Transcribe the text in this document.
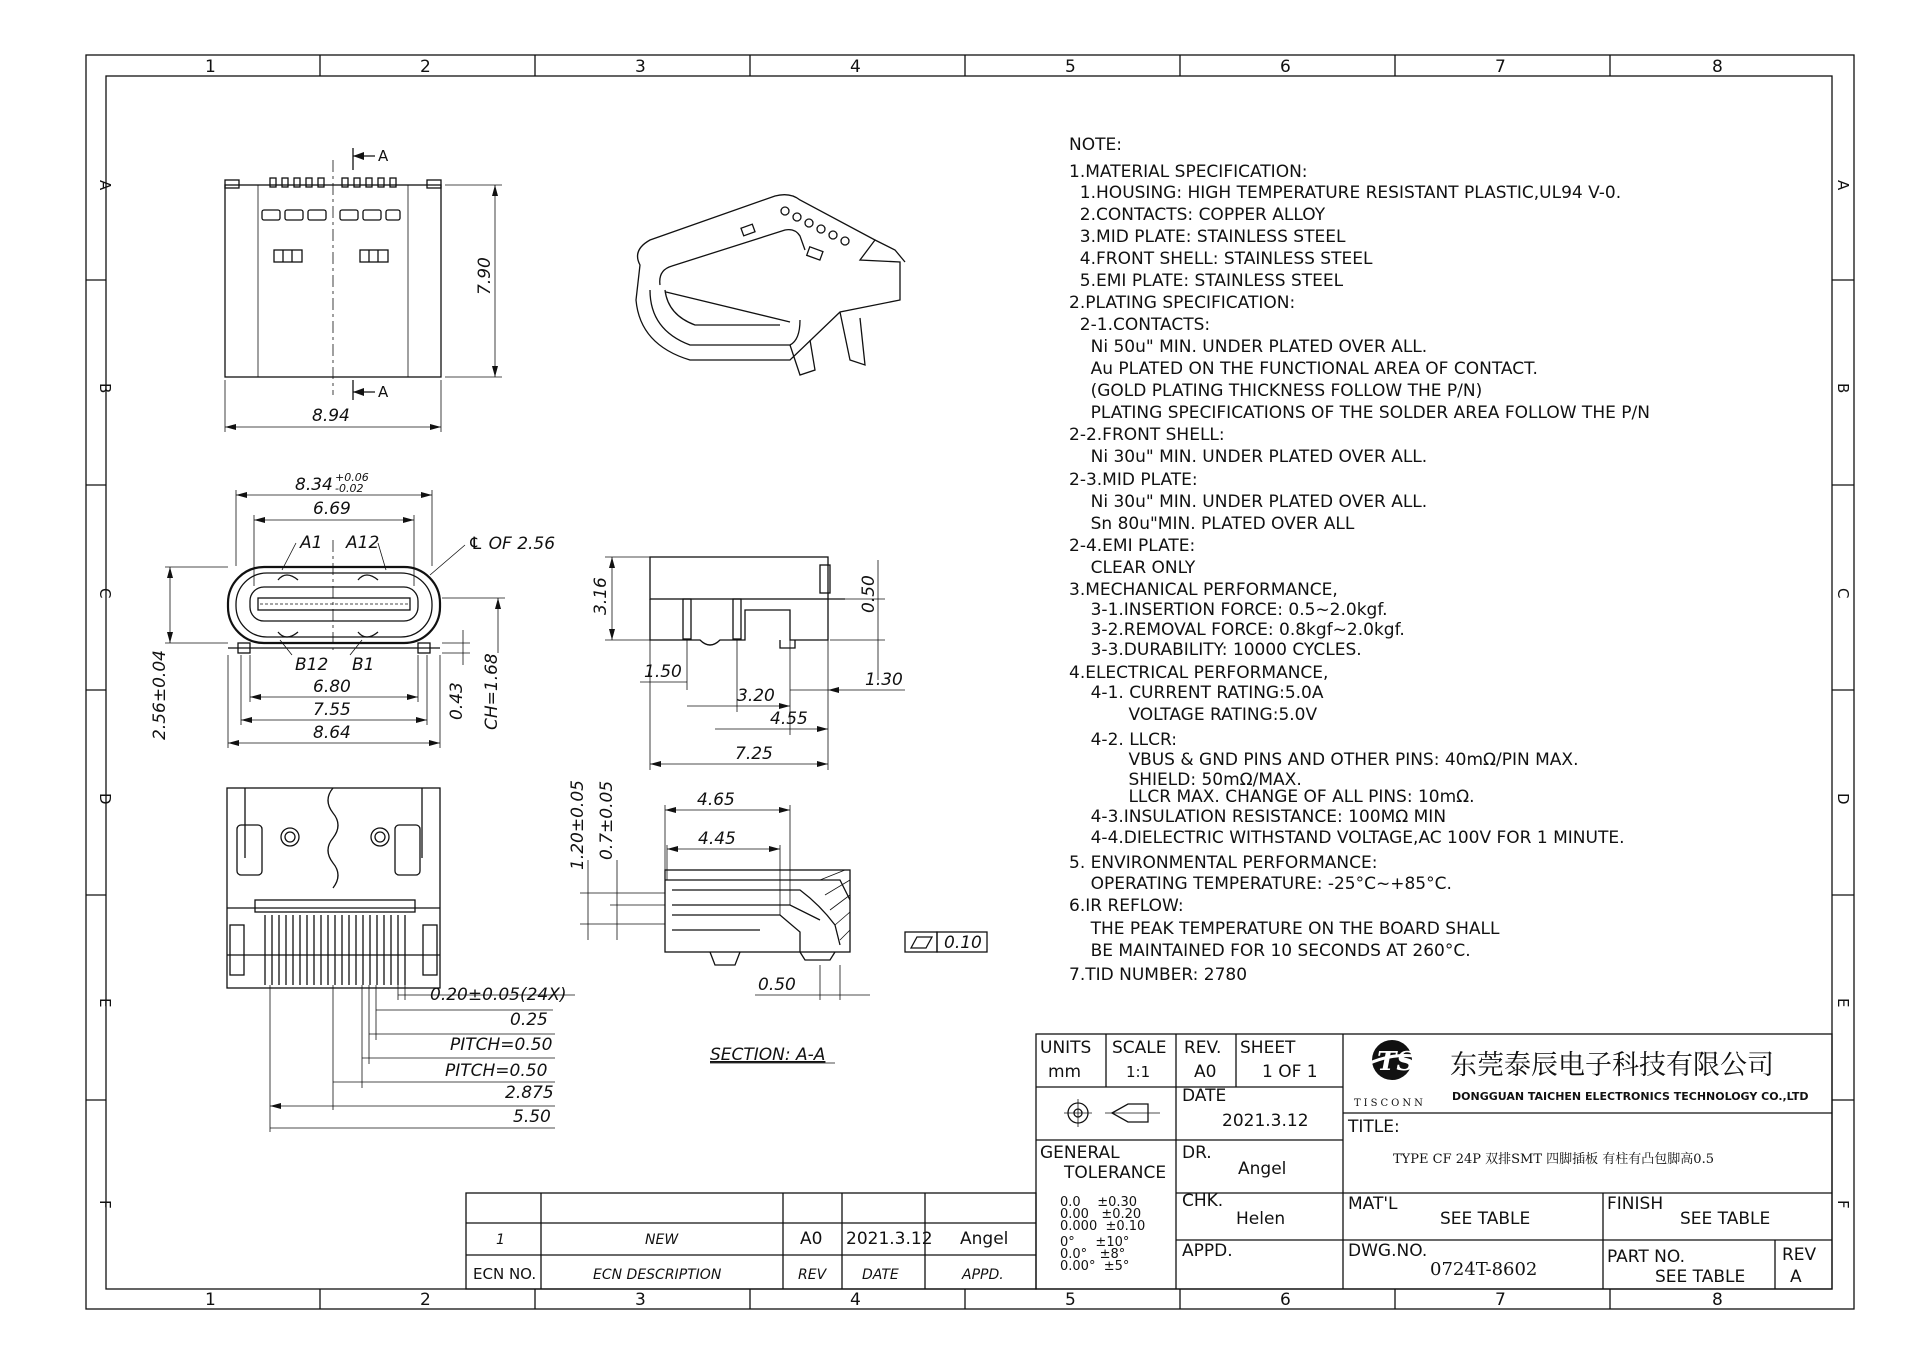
1	2	3	4	5	6	7	8
1	2	3	4	5	6	7	8
A
B
C
D
E
F
A
B
C
D
E
F
A
A
8.94
7.90
8.34 +0.06
-0.02
6.69
A1 A12	℄ OF 2.56
B12 B1
6.80
7.55
8.64
2.56±0.04	0.43 CH=1.68
3.16	0.50
1.50
3.20
1.30
4.55
7.25
4.65
4.45
1.20±0.05 0.7±0.05
0.10
0.50
SECTION: A-A
0.20±0.05(24X)
0.25
PITCH=0.50
PITCH=0.50
2.875
5.50
1	NEW	A0 2021.3.12 Angel
ECN NO.	ECN DESCRIPTION	REV	DATE	APPD.
UNITS
mm
SCALE
1:1
REV.
A0
SHEET
1 OF 1
DATE
2021.3.12
GENERAL
TOLERANCE
0.0    ±0.30
0.00   ±0.20
0.000  ±0.10
0°     ±10°
0.0°   ±8°
0.00°  ±5°
DR.
Angel
CHK.
Helen
APPD.
TS
TISCONN
东莞泰辰电子科技有限公司
DONGGUAN TAICHEN ELECTRONICS TECHNOLOGY CO.,LTD
TITLE:
TYPE CF 24P 双排SMT 四脚插板 有柱有凸包脚高0.5
MAT'L
SEE TABLE
FINISH
SEE TABLE
DWG.NO.
0724T-8602
PART NO.
SEE TABLE
REV
A
NOTE:
1.MATERIAL SPECIFICATION:
1.HOUSING: HIGH TEMPERATURE RESISTANT PLASTIC,UL94 V-0.
2.CONTACTS: COPPER ALLOY
3.MID PLATE: STAINLESS STEEL
4.FRONT SHELL: STAINLESS STEEL
5.EMI PLATE: STAINLESS STEEL
2.PLATING SPECIFICATION:
2-1.CONTACTS:
Ni 50u" MIN. UNDER PLATED OVER ALL.
Au PLATED ON THE FUNCTIONAL AREA OF CONTACT.
(GOLD PLATING THICKNESS FOLLOW THE P/N)
PLATING SPECIFICATIONS OF THE SOLDER AREA FOLLOW THE P/N
2-2.FRONT SHELL:
Ni 30u" MIN. UNDER PLATED OVER ALL.
2-3.MID PLATE:
Ni 30u" MIN. UNDER PLATED OVER ALL.
Sn 80u"MIN. PLATED OVER ALL
2-4.EMI PLATE:
CLEAR ONLY
3.MECHANICAL PERFORMANCE,
3-1.INSERTION FORCE: 0.5~2.0kgf.
3-2.REMOVAL FORCE: 0.8kgf~2.0kgf.
3-3.DURABILITY: 10000 CYCLES.
4.ELECTRICAL PERFORMANCE,
4-1. CURRENT RATING:5.0A
VOLTAGE RATING:5.0V
4-2. LLCR:
VBUS & GND PINS AND OTHER PINS: 40mΩ/PIN MAX.
SHIELD: 50mΩ/MAX.
LLCR MAX. CHANGE OF ALL PINS: 10mΩ.
4-3.INSULATION RESISTANCE: 100MΩ MIN
4-4.DIELECTRIC WITHSTAND VOLTAGE,AC 100V FOR 1 MINUTE.
5. ENVIRONMENTAL PERFORMANCE:
OPERATING TEMPERATURE: -25°C~+85°C.
6.IR REFLOW:
THE PEAK TEMPERATURE ON THE BOARD SHALL
BE MAINTAINED FOR 10 SECONDS AT 260°C.
7.TID NUMBER: 2780
